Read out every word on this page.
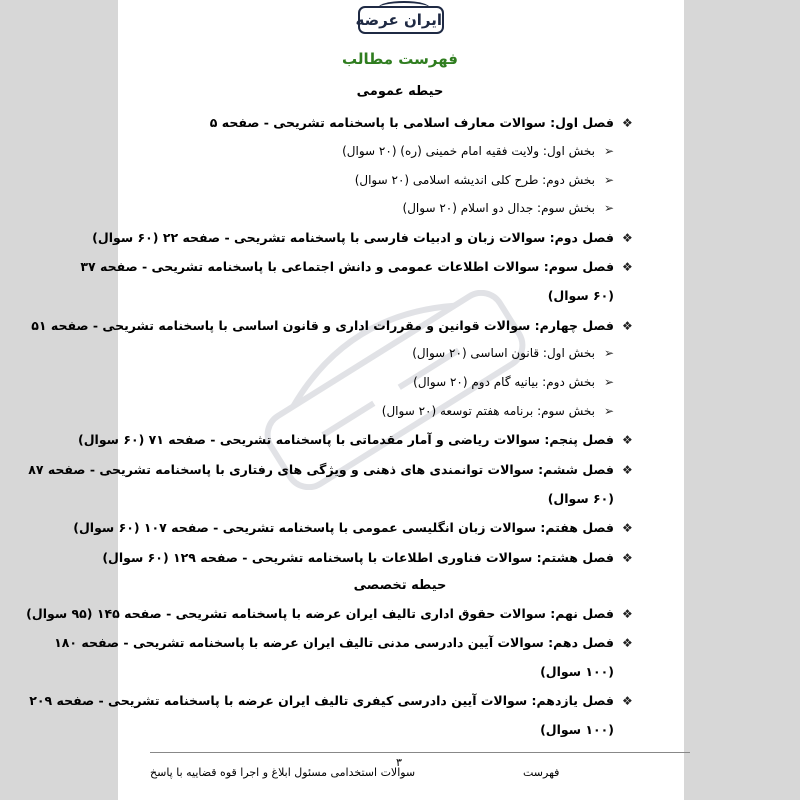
ایران عرضه
فهرست مطالب
حیطه عمومی
❖
فصل اول: سوالات معارف اسلامی با پاسخنامه تشریحی - صفحه ۵
➢
بخش اول: ولایت فقیه امام خمینی (ره) (۲۰ سوال)
➢
بخش دوم: طرح کلی اندیشه اسلامی (۲۰ سوال)
➢
بخش سوم: جدال دو اسلام (۲۰ سوال)
❖
فصل دوم: سوالات زبان و ادبیات فارسی با پاسخنامه تشریحی - صفحه ۲۲ (۶۰ سوال)
❖
فصل سوم: سوالات اطلاعات عمومی و دانش اجتماعی با پاسخنامه تشریحی - صفحه ۳۷
(۶۰ سوال)
❖
فصل چهارم: سوالات قوانین و مقررات اداری و قانون اساسی با پاسخنامه تشریحی - صفحه ۵۱
➢
بخش اول: قانون اساسی (۲۰ سوال)
➢
بخش دوم: بیانیه گام دوم (۲۰ سوال)
➢
بخش سوم: برنامه هفتم توسعه (۲۰ سوال)
❖
فصل پنجم: سوالات ریاضی و آمار مقدماتی با پاسخنامه تشریحی - صفحه ۷۱ (۶۰ سوال)
❖
فصل ششم: سوالات توانمندی های ذهنی و ویژگی های رفتاری با پاسخنامه تشریحی - صفحه ۸۷
(۶۰ سوال)
❖
فصل هفتم: سوالات زبان انگلیسی عمومی با پاسخنامه تشریحی - صفحه ۱۰۷ (۶۰ سوال)
❖
فصل هشتم: سوالات فناوری اطلاعات با پاسخنامه تشریحی - صفحه ۱۲۹ (۶۰ سوال)
حیطه تخصصی
❖
فصل نهم: سوالات حقوق اداری تالیف ایران عرضه با پاسخنامه تشریحی - صفحه ۱۴۵ (۹۵ سوال)
❖
فصل دهم: سوالات آیین دادرسی مدنی تالیف ایران عرضه با پاسخنامه تشریحی - صفحه ۱۸۰
(۱۰۰ سوال)
❖
فصل یازدهم: سوالات آیین دادرسی کیفری تالیف ایران عرضه با پاسخنامه تشریحی - صفحه ۲۰۹
(۱۰۰ سوال)
۳
فهرست
سوالات استخدامی مسئول ابلاغ و اجرا قوه قضاییه با پاسخ
